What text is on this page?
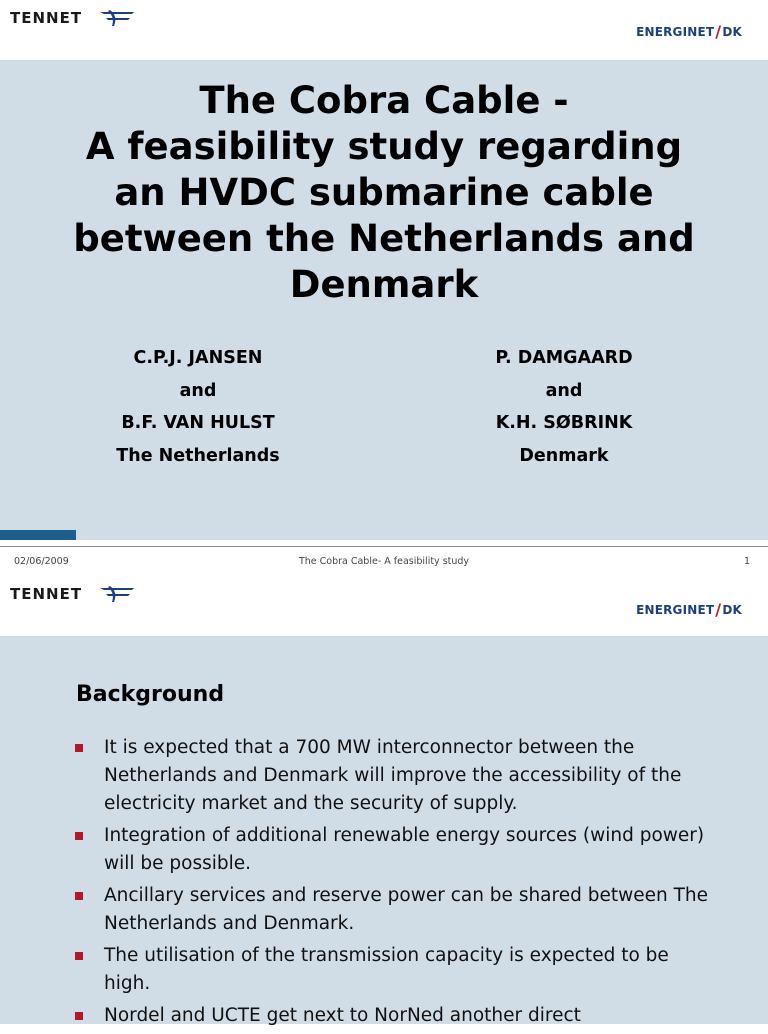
TENNET
ENERGINET / DK
The Cobra Cable -
A feasibility study regarding
an HVDC submarine cable
between the Netherlands and
Denmark
C.P.J. JANSEN
and
B.F. VAN HULST
The Netherlands
P. DAMGAARD
and
K.H. SØBRINK
Denmark
02/06/2009	The Cobra Cable- A feasibility study	1
TENNET
ENERGINET / DK
Background
It is expected that a 700 MW interconnector between the Netherlands and Denmark will improve the accessibility of the electricity market and the security of supply.
Integration of additional renewable energy sources (wind power) will be possible.
Ancillary services and reserve power can be shared between The Netherlands and Denmark.
The utilisation of the transmission capacity is expected to be high.
Nordel and UCTE get next to NorNed another direct
